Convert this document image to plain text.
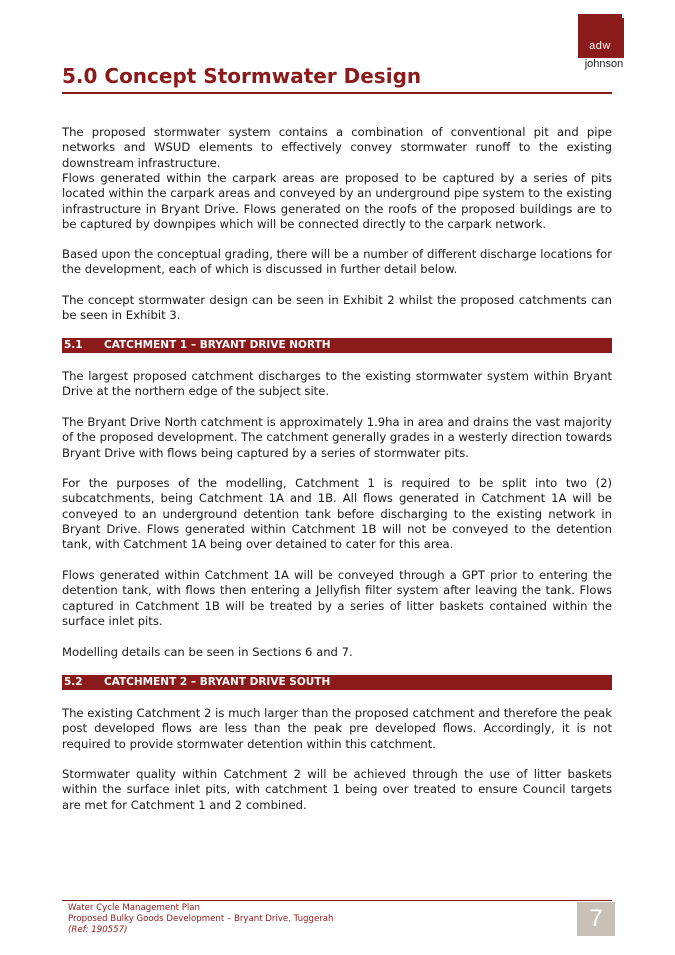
adw
johnson
5.0 Concept Stormwater Design

The proposed stormwater system contains a combination of conventional pit and pipe networks and WSUD elements to effectively convey stormwater runoff to the existing downstream infrastructure.

Flows generated within the carpark areas are proposed to be captured by a series of pits located within the carpark areas and conveyed by an underground pipe system to the existing infrastructure in Bryant Drive. Flows generated on the roofs of the proposed buildings are to be captured by downpipes which will be connected directly to the carpark network.

Based upon the conceptual grading, there will be a number of different discharge locations for the development, each of which is discussed in further detail below.

The concept stormwater design can be seen in Exhibit 2 whilst the proposed catchments can be seen in Exhibit 3.

5.1 CATCHMENT 1 – BRYANT DRIVE NORTH

The largest proposed catchment discharges to the existing stormwater system within Bryant Drive at the northern edge of the subject site.

The Bryant Drive North catchment is approximately 1.9ha in area and drains the vast majority of the proposed development. The catchment generally grades in a westerly direction towards Bryant Drive with flows being captured by a series of stormwater pits.

For the purposes of the modelling, Catchment 1 is required to be split into two (2) subcatchments, being Catchment 1A and 1B. All flows generated in Catchment 1A will be conveyed to an underground detention tank before discharging to the existing network in Bryant Drive. Flows generated within Catchment 1B will not be conveyed to the detention tank, with Catchment 1A being over detained to cater for this area.

Flows generated within Catchment 1A will be conveyed through a GPT prior to entering the detention tank, with flows then entering a Jellyfish filter system after leaving the tank. Flows captured in Catchment 1B will be treated by a series of litter baskets contained within the surface inlet pits.

Modelling details can be seen in Sections 6 and 7.

5.2 CATCHMENT 2 – BRYANT DRIVE SOUTH

The existing Catchment 2 is much larger than the proposed catchment and therefore the peak post developed flows are less than the peak pre developed flows. Accordingly, it is not required to provide stormwater detention within this catchment.

Stormwater quality within Catchment 2 will be achieved through the use of litter baskets within the surface inlet pits, with catchment 1 being over treated to ensure Council targets are met for Catchment 1 and 2 combined.

Water Cycle Management Plan
Proposed Bulky Goods Development – Bryant Drive, Tuggerah
(Ref: 190557)	7
